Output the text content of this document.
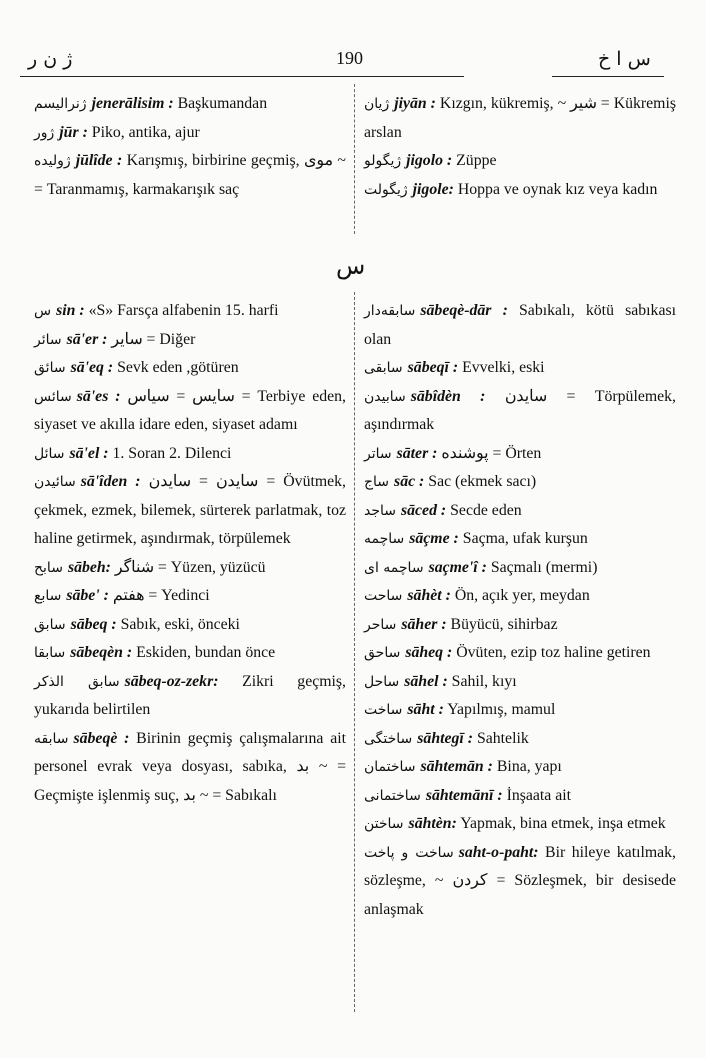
ژ ن ر	190	س ا خ
ژنرالیسم jenerālisim : Başkumandan
ژور jūr : Piko, antika, ajur
ژولیده jūlîde : Karışmış, birbirine geçmiş, موی ~ = Taranmamış, karmakarışık saç
ژیان jiyān : Kızgın, kükremiş, ~ شیر = Kükremiş arslan
ژیگولو jigolo : Züppe
ژیگولت jigole: Hoppa ve oynak kız veya kadın
س
س sin : «S» Farsça alfabenin 15. harfi
سائر sā'er : سایر = Diğer
سائق sā'eq : Sevk eden ,götüren
سائس sā'es : سایس = سیاس = Terbiye eden, siyaset ve akılla idare eden, siyaset adamı
سائل sā'el : 1. Soran 2. Dilenci
سائیدن sā'îden : سایدن = سایدن = Övütmek, çekmek, ezmek, bilemek, sürterek parlatmak, toz haline getirmek, aşındırmak, törpülemek
سابح sābeh: شناگر = Yüzen, yüzücü
سابع sābe' : هفتم = Yedinci
سابق sābeq : Sabık, eski, önceki
سابقا sābeqèn : Eskiden, bundan önce
سابق الذکر sābeq-oz-zekr: Zikri geçmiş, yukarıda belirtilen
سابقه sābeqè : Birinin geçmiş çalışmalarına ait personel evrak veya dosyası, sabıka, بد ~ = Geçmişte işlenmiş suç, بد ~ = Sabıkalı
سابقه‌دار sābeqè-dār : Sabıkalı, kötü sabıkası olan
سابقی sābeqī : Evvelki, eski
سابیدن sābîdèn : سایدن = Törpülemek, aşındırmak
ساتر sāter : پوشنده = Örten
ساج sāc : Sac (ekmek sacı)
ساجد sāced : Secde eden
ساچمه sāçme : Saçma, ufak kurşun
ساچمه ای saçme'î : Saçmalı (mermi)
ساحت sāhèt : Ön, açık yer, meydan
ساحر sāher : Büyücü, sihirbaz
ساحق sāheq : Övüten, ezip toz haline getiren
ساحل sāhel : Sahil, kıyı
ساخت sāht : Yapılmış, mamul
ساختگی sāhtegī : Sahtelik
ساختمان sāhtemān : Bina, yapı
ساختمانی sāhtemānī : İnşaata ait
ساختن sāhtèn: Yapmak, bina etmek, inşa etmek
ساخت و پاخت saht-o-paht: Bir hileye katılmak, sözleşme, ~ کردن = Sözleşmek, bir desisede anlaşmak
